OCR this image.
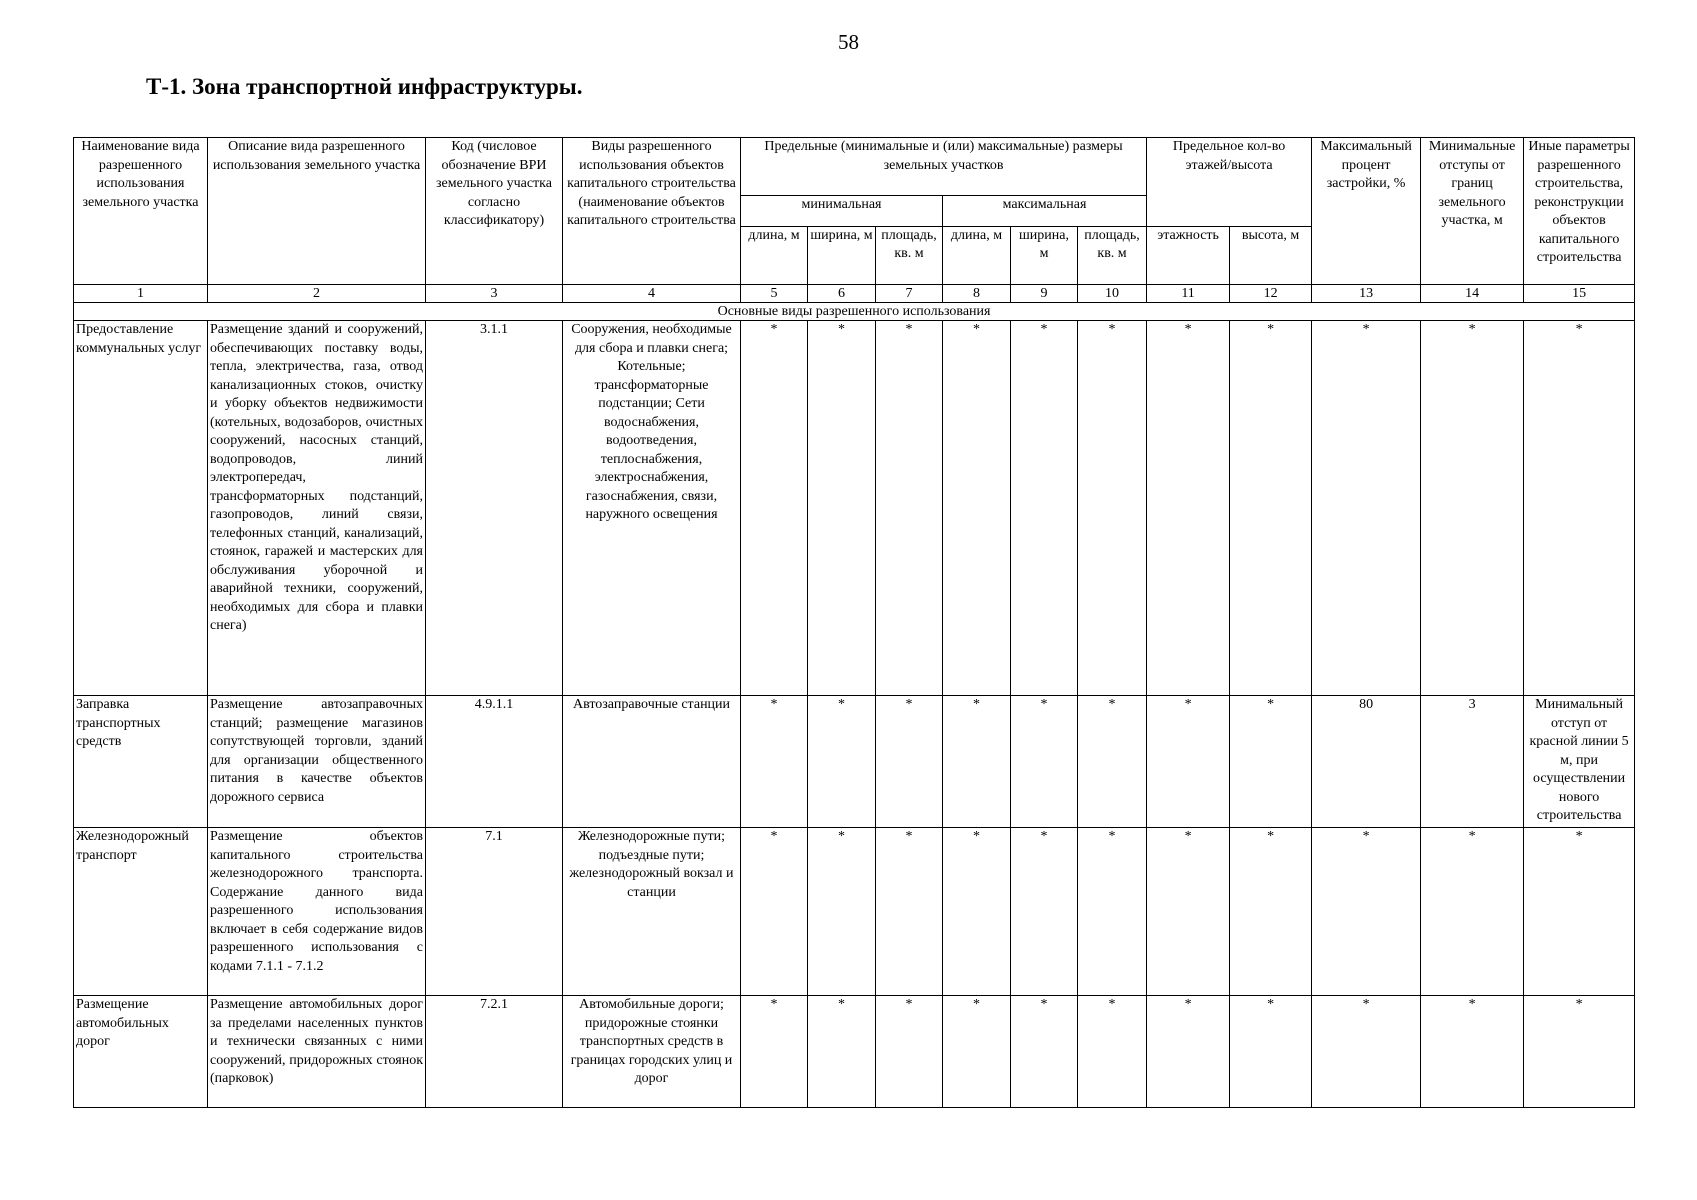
58
Т-1. Зона транспортной инфраструктуры.
Наименование вида разрешенного использования земельного участка	Описание вида разрешенного использования земельного участка	Код (числовое обозначение ВРИ земельного участка согласно классификатору)	Виды разрешенного использования объектов капитального строительства (наименование объектов капитального строительства	Предельные (минимальные и (или) максимальные) размеры земельных участков						Предельное кол-во этажей/высота		Максимальный процент застройки, %	Минимальные отступы от границ земельного участка, м	Иные параметры разрешенного строительства, реконструкции объектов капитального строительства
				минимальная			максимальная							
				длина, м	ширина, м	площадь, кв. м	длина, м	ширина, м	площадь, кв. м	этажность	высота, м			
1	2	3	4	5	6	7	8	9	10	11	12	13	14	15
Основные виды разрешенного использования														
Предоставление коммунальных услуг	Размещение зданий и сооружений, обеспечивающих поставку воды, тепла, электричества, газа, отвод канализационных стоков, очистку и уборку объектов недвижимости (котельных, водозаборов, очистных сооружений, насосных станций, водопроводов, линий электропередач, трансформаторных подстанций, газопроводов, линий связи, телефонных станций, канализаций, стоянок, гаражей и мастерских для обслуживания уборочной и аварийной техники, сооружений, необходимых для сбора и плавки снега)	3.1.1	Сооружения, необходимые для сбора и плавки снега; Котельные; трансформаторные подстанции; Сети водоснабжения, водоотведения, теплоснабжения, электроснабжения, газоснабжения, связи, наружного освещения	*	*	*	*	*	*	*	*	*	*	*
Заправка транспортных средств	Размещение автозаправочных станций; размещение магазинов сопутствующей торговли, зданий для организации общественного питания в качестве объектов дорожного сервиса	4.9.1.1	Автозаправочные станции	*	*	*	*	*	*	*	*	80	3	Минимальный отступ от красной линии 5 м, при осуществлении нового строительства
Железнодорожный транспорт	Размещение объектов капитального строительства железнодорожного транспорта. Содержание данного вида разрешенного использования включает в себя содержание видов разрешенного использования с кодами 7.1.1 - 7.1.2	7.1	Железнодорожные пути; подъездные пути; железнодорожный вокзал и станции	*	*	*	*	*	*	*	*	*	*	*
Размещение автомобильных дорог	Размещение автомобильных дорог за пределами населенных пунктов и технически связанных с ними сооружений, придорожных стоянок (парковок)	7.2.1	Автомобильные дороги; придорожные стоянки транспортных средств в границах городских улиц и дорог	*	*	*	*	*	*	*	*	*	*	*
